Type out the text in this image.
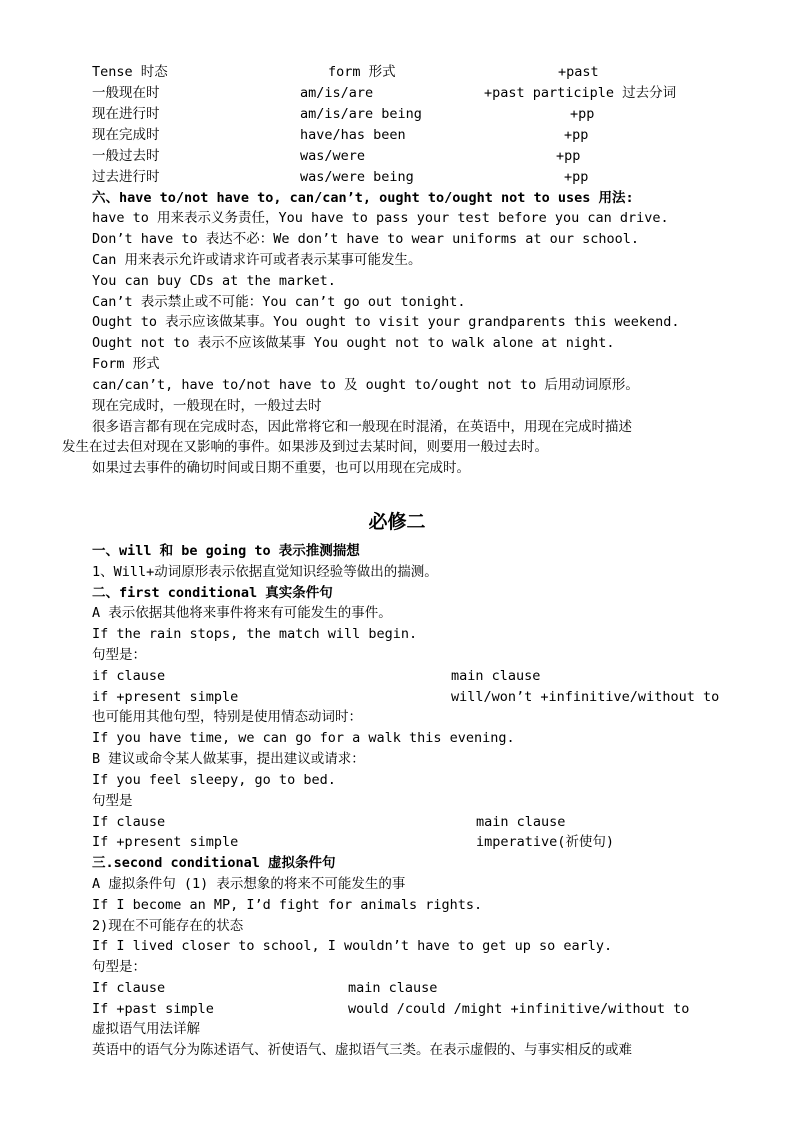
Tense 时态	form 形式	+past
一般现在时	am/is/are	+past participle 过去分词
现在进行时	am/is/are being	+pp
现在完成时	have/has been	+pp
一般过去时	was/were	+pp
过去进行时	was/were being	+pp
六、have to/not have to, can/can’t, ought to/ought not to uses 用法:
have to 用来表示义务责任，You have to pass your test before you can drive.
Don’t have to 表达不必：We don’t have to wear uniforms at our school.
Can 用来表示允许或请求许可或者表示某事可能发生。
You can buy CDs at the market.
Can’t 表示禁止或不可能：You can’t go out tonight.
Ought to 表示应该做某事。You ought to visit your grandparents this weekend.
Ought not to 表示不应该做某事 You ought not to walk alone at night.
Form 形式
can/can’t, have to/not have to 及 ought to/ought not to 后用动词原形。
现在完成时，一般现在时，一般过去时
很多语言都有现在完成时态，因此常将它和一般现在时混淆，在英语中，用现在完成时描述
发生在过去但对现在又影响的事件。如果涉及到过去某时间，则要用一般过去时。
如果过去事件的确切时间或日期不重要，也可以用现在完成时。
必修二
一、will 和 be going to 表示推测揣想
1、Will+动词原形表示依据直觉知识经验等做出的揣测。
二、first conditional 真实条件句
A 表示依据其他将来事件将来有可能发生的事件。
If the rain stops, the match will begin.
句型是：
if clause	main clause
if +present simple	will/won’t +infinitive/without to
也可能用其他句型，特别是使用情态动词时：
If you have time, we can go for a walk this evening.
B 建议或命令某人做某事，提出建议或请求：
If you feel sleepy, go to bed.
句型是
If clause	main clause
If +present simple	imperative(祈使句)
三.second conditional 虚拟条件句
A 虚拟条件句 (1) 表示想象的将来不可能发生的事
If I become an MP, I’d fight for animals rights.
2)现在不可能存在的状态
If I lived closer to school, I wouldn’t have to get up so early.
句型是：
If clause	main clause
If +past simple	would /could /might +infinitive/without to
虚拟语气用法详解
英语中的语气分为陈述语气、祈使语气、虚拟语气三类。在表示虚假的、与事实相反的或难
